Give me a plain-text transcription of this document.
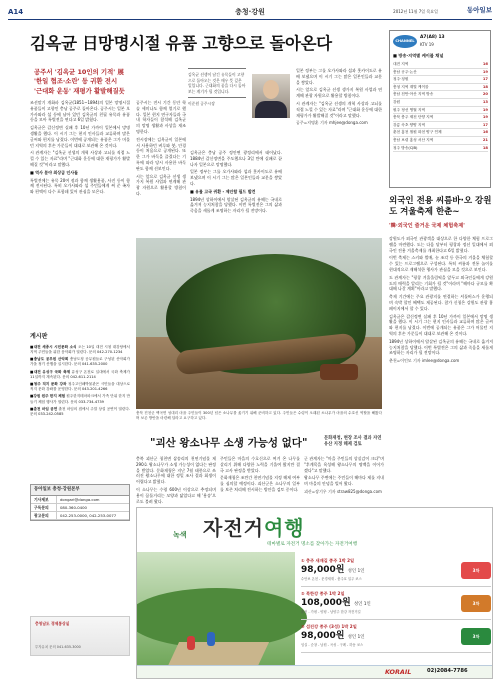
A14	충청·강원	2012년 11월 7일 목요일	동아일보
김옥균 日망명시절 유품 고향으로 돌아온다
공주서 '김옥균 10인의 기적' 展
'한일 협조·소란' 등 귀환 전시
'근대화 운동' 재평가 활발해질듯

조선말기 개화파 김옥균(1851∼1894)의 일본 망명시절 유품들이 고향인 충남 공주로 돌아온다. 공주시는 일본 오가사와라 섬 등에 남아 있던 김옥균의 친필 유묵과 유품 등을 모아 특별전을 연다고 6일 밝혔다.

김옥균은 갑신정변 실패 후 10년 가까이 일본에서 망명 생활을 했다. 이 시기 그는 현지 인사들과 교류하며 많은 글씨와 편지를 남겼다. 이번에 공개되는 유품은 그가 머물던 지역의 후손 가문들이 대대로 보관해 온 것이다.

시 관계자는 "김옥균 선생의 개혁 사상과 고뇌를 직접 느낄 수 있는 자료"라며 "근대화 운동에 대한 재평가가 활발해질 것"이라고 말했다.

■ 역사 분야 최상급 인사들

특별전에는 유묵 20여 점과 함께 생활용품, 사진 등이 함께 전시된다. 특히 오가사와라 섬 주민들에게 써 준 족자와 편액이 다수 포함돼 있어 관심을 모은다.

공주시는 전시 기간 동안 학술 세미나도 함께 열기로 했다. 일본 현지 연구자들과 국내 학자들이 참석해 김옥균의 망명 생활과 사상을 재조명한다.

전시장에는 김옥균이 일본에서 사용하던 벼루와 붓, 안경 등이 처음으로 공개된다. 또한 그가 바둑을 즐겼다는 기록에 따라 당시 사용한 바둑판도 함께 선보인다.

시는 앞으로 김옥균 선생 생가지 복원 사업과 연계해 관광 자원으로 활용할 방침이다.

김옥균 선생이 남긴 유묵들이 고향으로 돌아오는 것은 매우 뜻 깊은 일입니다. 근대화의 꿈을 다시 돌아보는 계기가 될 것입니다.
이준원 공주시장

김옥균은 충남 공주 정안면 광정리에서 태어났다. 1884년 갑신정변을 주도했으나 3일 만에 실패로 끝나자 일본으로 망명했다.

일본 정부는 그를 오가사와라 섬과 홋카이도로 유배 보냈으며 이 시기 그는 많은 일본인들과 교분을 쌓았다.

■ 유물 고국 귀환 - 제안할 필드 발견

1894년 상하이에서 암살된 김옥균의 유해는 국내로 옮겨져 능지처참을 당했다. 이번 특별전은 그의 삶과 죽음을 새롭게 조명하는 자리가 될 전망이다.

일본 정부는 그를 오가사와라 섬과 홋카이도로 유배 보냈으며 이 시기 그는 많은 일본인들과 교분을 쌓았다.

시는 앞으로 김옥균 선생 생가지 복원 사업과 연계해 관광 자원으로 활용할 방침이다.

시 관계자는 "김옥균 선생의 개혁 사상과 고뇌를 직접 느낄 수 있는 자료"라며 "근대화 운동에 대한 재평가가 활발해질 것"이라고 말했다.

공주=지명훈 기자 mhjee@donga.com

CHANNEL
A7(A8) 13
KTV 19
■ 방송·지역별 케이블 채널
대전 지역	16
충남 공주·논산	19
청주·청원	17
충청 지역 계열 케이블	18
충남 천안·아산 지역 방송	20
강원	13
원주 정선 영월 지역	19
충북 충주 제천 단양 지역	19
강릉 속초 양양 지역	17
춘천 홍천 철원 화천 양구 인제	16
충남 보령 홍성 서산 지역	21
청주 방송(CJB)	18
외국인 전용 씨름바·오 강원도 겨울축제 한춘~
'韓·외국인 즐거운 국제 체험축제'

강원도가 외국인 관광객을 대상으로 한 다양한 체험 프로그램을 마련했다. 도는 다음 달부터 평창과 정선 일대에서 외국인 전용 겨울축제를 개최한다고 6일 밝혔다.

이번 축제는 스키와 썰매, 눈 조각 등 한국의 겨울을 체험할 수 있는 프로그램으로 구성된다. 특히 씨름과 전통 놀이를 현대적으로 재해석한 행사가 관심을 모을 것으로 보인다.

도 관계자는 "평창 겨울올림픽을 앞두고 외국인들에게 강원도의 매력을 알리는 기회가 될 것"이라며 "해마다 규모를 확대해 나갈 계획"이라고 말했다.

축제 기간에는 주요 관광지를 연결하는 셔틀버스가 운행되며 숙박 할인 혜택도 제공된다. 참가 신청은 강원도 관광 홈페이지에서 할 수 있다.

김옥균은 갑신정변 실패 후 10년 가까이 일본에서 망명 생활을 했다. 이 시기 그는 현지 인사들과 교류하며 많은 글씨와 편지를 남겼다. 이번에 공개되는 유품은 그가 머물던 지역의 후손 가문들이 대대로 보관해 온 것이다.

1894년 상하이에서 암살된 김옥균의 유해는 국내로 옮겨져 능지처참을 당했다. 이번 특별전은 그의 삶과 죽음을 새롭게 조명하는 자리가 될 전망이다.

춘천=이인모 기자 imlee@donga.com

충북 진천군 백곡면 성대리 마을 주민들이 300년 넘은 소나무를 옮기기 위해 준비하고 있다. 주민들은 수령이 오래된 소나무가 마을의 수호신 역할을 해왔다며 보존 방안을 마련해 달라고 요구하고 있다.
"괴산 왕소나무 소생 가능성 없다"	문화재청, 현장 조사 결과 자연유산 지정 해제 검토

충북 괴산군 청천면 삼송리의 천연기념물 제290호 왕소나무가 소생 가능성이 없다는 판정을 받았다. 문화재청은 지난 7월 태풍으로 쓰러진 왕소나무에 대한 정밀 조사 결과 회생이 어렵다고 밝혔다.

이 소나무는 수령 600년 이상으로 추정되며 용이 꿈틀거리는 모양과 닮았다고 해 '용송'으로도 불려 왔다.

주민들은 마을의 수호신으로 여겨 온 나무를 살리기 위해 다양한 노력을 기울여 왔지만 결국 고사 판정을 받았다.

문화재청은 조만간 천연기념물 지정 해제 여부를 심의할 예정이다. 괴산군은 소나무의 일부를 보존 처리해 전시하는 방안을 검토 중이다.

군 관계자는 "마을 주민들의 상실감이 크다"며 "후계목을 육성해 왕소나무의 명맥을 이어가겠다"고 말했다.

왕소나무 주변에는 주민들이 해마다 제를 지내며 마을의 안녕을 빌어 왔다.

괴산=장기우 기자 straw825@donga.com

게시판

■대전 세종시 시민문화 소식 오는 10일 대전 시청 대강당에서 지역 주민들을 위한 음악회가 열린다. 문의 042-270-1234

■충남도 공무원 산악회 충남도청 공무원들로 구성된 산악회가 가을 정기 산행을 실시한다. 문의 041-635-2000

■대전 유성구 국화 축제 유성구 온천로 일대에서 국화 축제가 11일까지 계속된다. 문의 042-611-2114

■청주 직지 문화 강좌 청주고인쇄박물관은 시민들을 대상으로 직지 문화 강좌를 운영한다. 문의 043-201-4266

■강원 원주 한지 체험 원주한지테마파크에서 가족 단위 한지 만들기 체험 행사가 열린다. 문의 033-734-4739

■춘천 마임 공연 춘천 마임의 집에서 주말 상설 공연이 열린다. 문의 033-242-0585

동아일보 충청·강원본부
기사제보	dongari@donga.com
구독문의	080-360-0400
광고문의	042-253-0000, 042-253-0077
충청남도 경제통상실
투자유치 문의 041-635-3000
녹색 자전거여행
테마별로 자전거 명소를 찾아가는 자전거여행
① 충주 새재길 종주 1박 2일
98,000원 성인 1인
수안보 온천 - 문경새재 - 충주호 일주 코스
3차
② 북한강 종주 1박 2일
108,000원 성인 1인
춘천 - 가평 - 양평 - 남양주 한강 자전거길
3차
③ 섬진강 종주 (3성) 1박 2일
98,000원 성인 1인
임실 - 순창 - 남원 - 곡성 - 구례 - 하동 코스
3차
KORAIL	02)2084-7786
